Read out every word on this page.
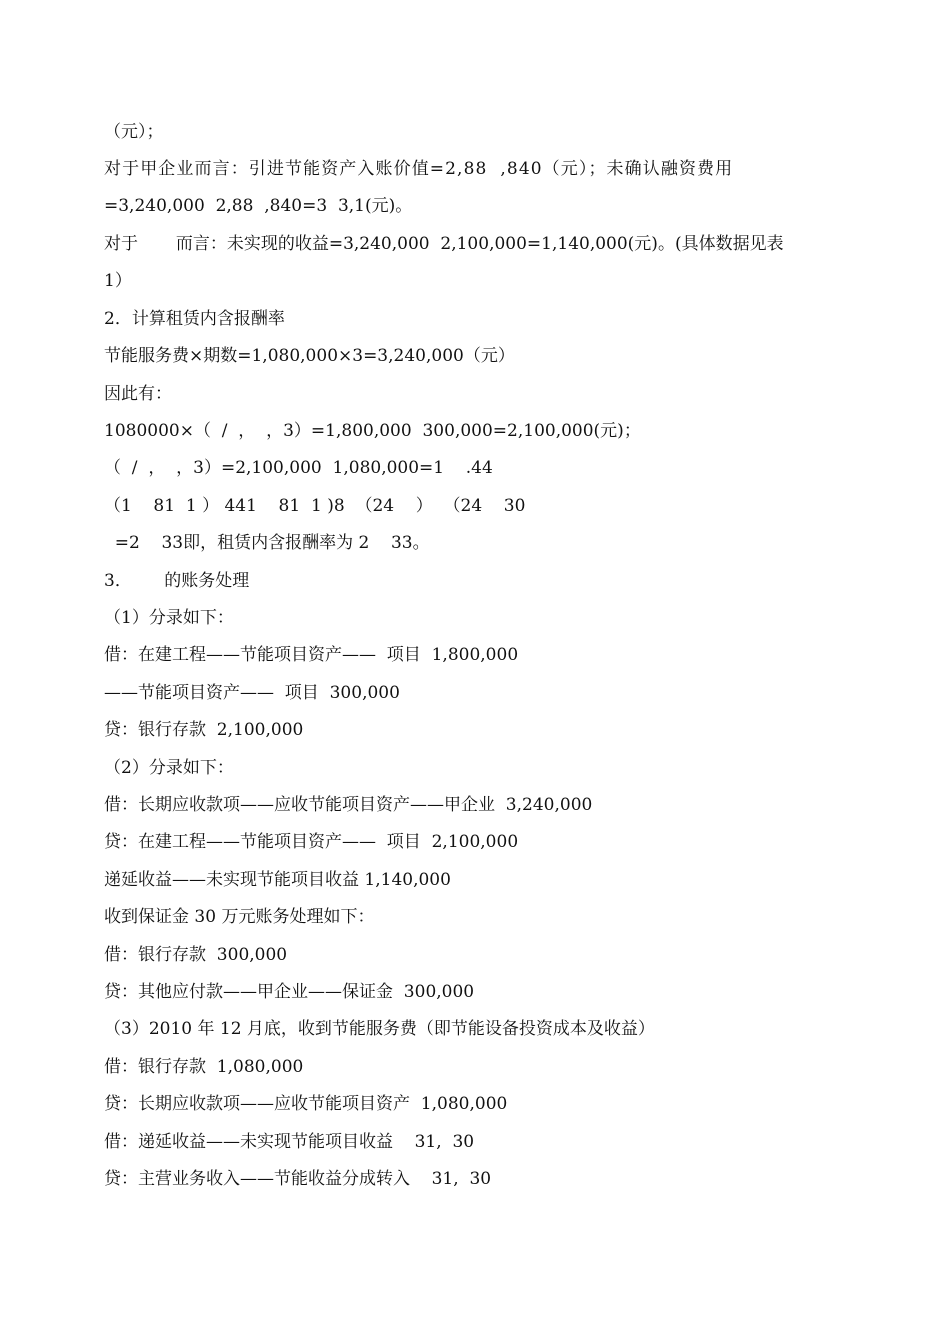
（元）；

对于甲企业而言：引进节能资产入账价值=2,88  ,840（元）；未确认融资费用

=3,240,000  2,88  ,840=3  3,1(元)。

对于       而言：未实现的收益=3,240,000  2,100,000=1,140,000(元)。(具体数据见表

1）

2．计算租赁内含报酬率

节能服务费×期数=1,080,000×3=3,240,000（元）

因此有：

1080000×（  /  ，  ，3）=1,800,000  300,000=2,100,000(元)；

（  /  ，  ，3）=2,100,000  1,080,000=1    .44

（1    81  1 ） 441    81  1 )8  （24    ）  （24    30

=2    33即，租赁内含报酬率为 2    33。

3．      的账务处理

（1）分录如下：

借：在建工程——节能项目资产——  项目  1,800,000

——节能项目资产——  项目  300,000

贷：银行存款  2,100,000

（2）分录如下：

借：长期应收款项——应收节能项目资产——甲企业  3,240,000

贷：在建工程——节能项目资产——  项目  2,100,000

递延收益——未实现节能项目收益 1,140,000

收到保证金 30 万元账务处理如下：

借：银行存款  300,000

贷：其他应付款——甲企业——保证金  300,000

（3）2010 年 12 月底，收到节能服务费（即节能设备投资成本及收益）

借：银行存款  1,080,000

贷：长期应收款项——应收节能项目资产  1,080,000

借：递延收益——未实现节能项目收益    31,  30

贷：主营业务收入——节能收益分成转入    31,  30
